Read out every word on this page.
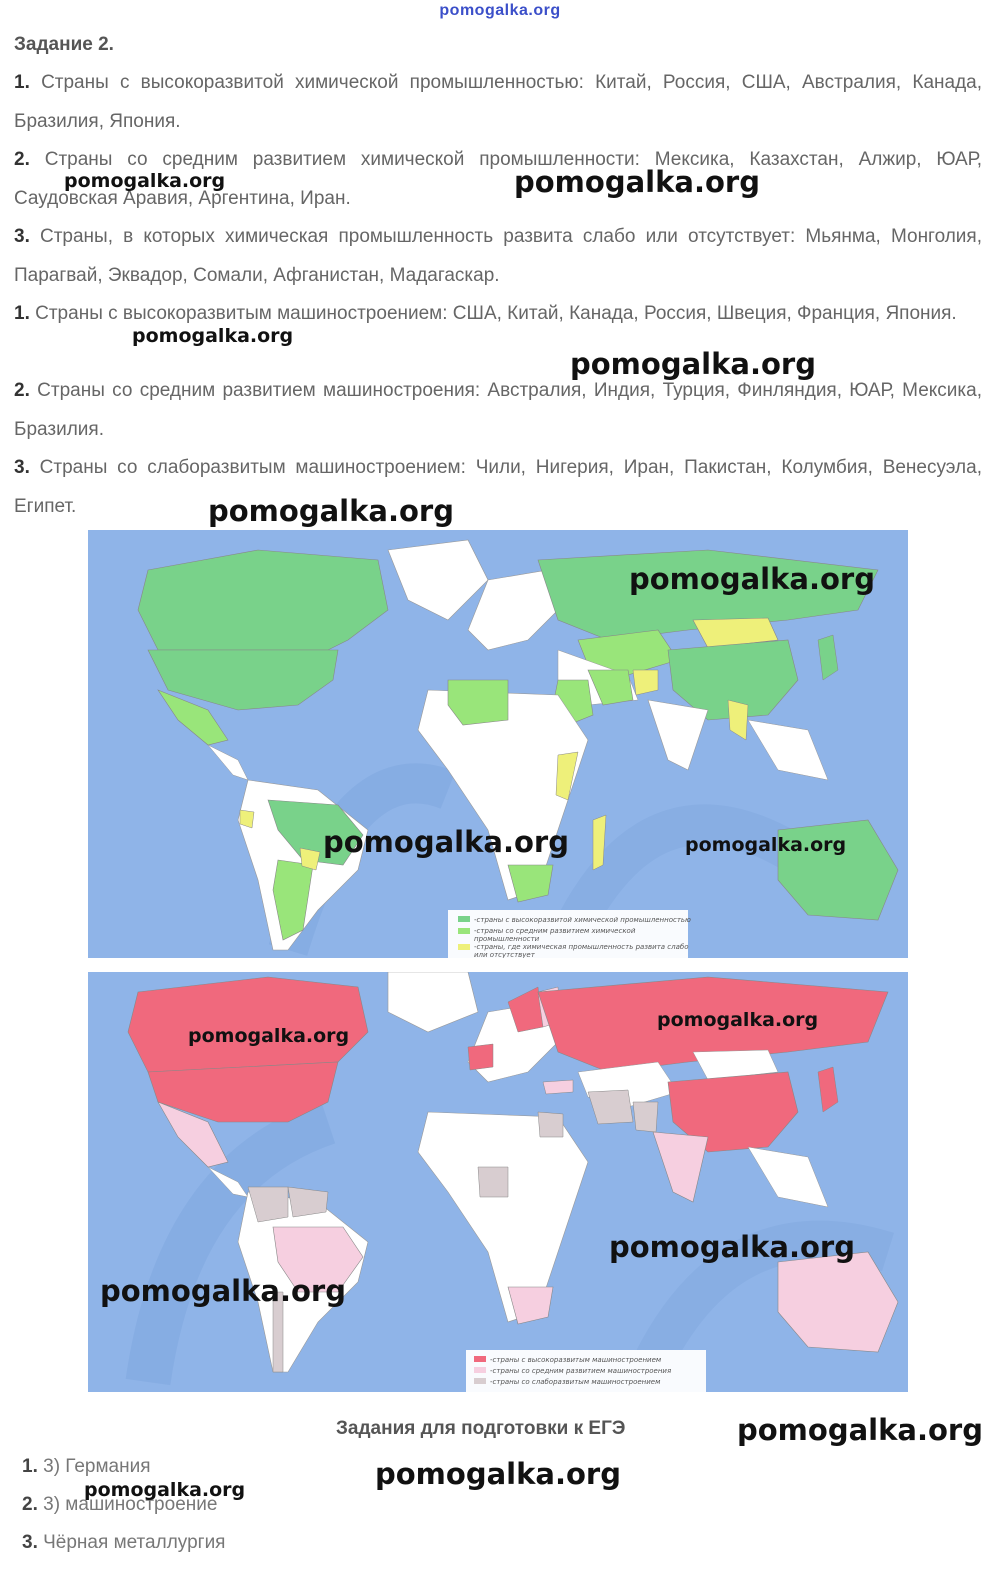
pomogalka.org
Задание 2.
1. Страны с высокоразвитой химической промышленностью: Китай, Россия, США, Австралия, Канада, Бразилия, Япония.
2. Страны со средним развитием химической промышленности: Мексика, Казахстан, Алжир, ЮАР, Саудовская Аравия, Аргентина, Иран.
3. Страны, в которых химическая промышленность развита слабо или отсутствует: Мьянма, Монголия, Парагвай, Эквадор, Сомали, Афганистан, Мадагаскар.
1. Страны с высокоразвитым машиностроением: США, Китай, Канада, Россия, Швеция, Франция, Япония.
2. Страны со средним развитием машиностроения: Австралия, Индия, Турция, Финляндия, ЮАР, Мексика, Бразилия.
3. Страны со слаборазвитым машиностроением: Чили, Нигерия, Иран, Пакистан, Колумбия, Венесуэла, Египет.
-страны с высокоразвитой химической промышленностью
-страны со средним развитием химической
промышленности
-страны, где химическая промышленность развита слабо
или отсутствует
-страны с высокоразвитым машиностроением
-страны со средним развитием машиностроения
-страны со слаборазвитым машиностроением
Задания для подготовки к ЕГЭ
1. 3) Германия
2. 3) машиностроение
3. Чёрная металлургия
pomogalka.org	pomogalka.org
pomogalka.org
pomogalka.org
pomogalka.org
pomogalka.org
pomogalka.org	pomogalka.org
pomogalka.org
pomogalka.org
pomogalka.org
pomogalka.org
pomogalka.org
pomogalka.org
pomogalka.org
